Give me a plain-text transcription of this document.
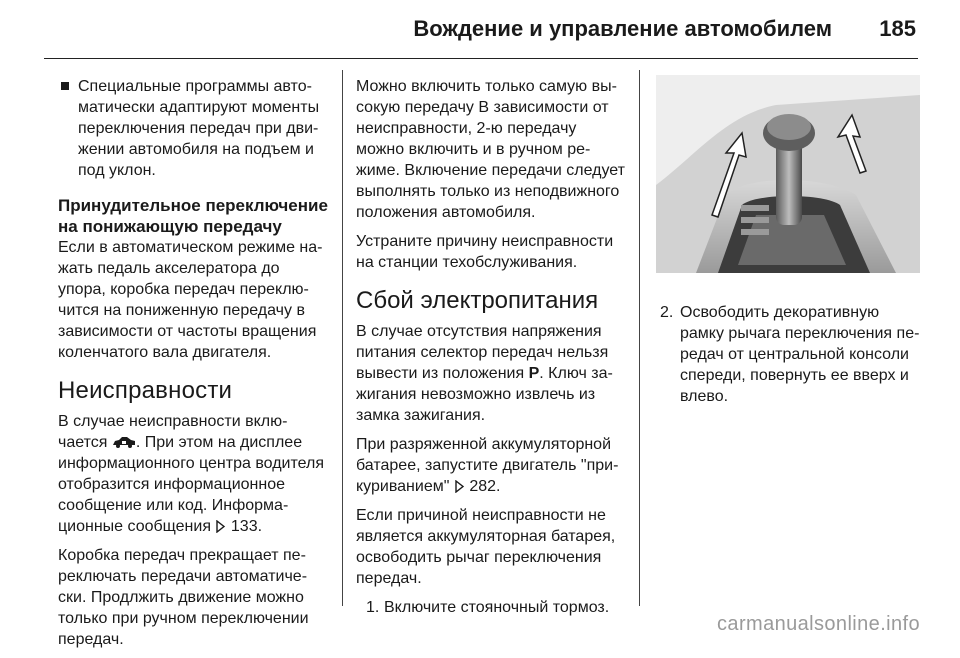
Вождение и управление автомобилем 185

Специальные программы автоматически адаптируют моменты переключения передач при движении автомобиля на подъем и под уклон.

Принудительное переключение на понижающую передачу

Если в автоматическом режиме нажать педаль акселератора до упора, коробка передач переключится на пониженную передачу в зависимости от частоты вращения коленчатого вала двигателя.

Неисправности

В случае неисправности включается . При этом на дисплее информационного центра водителя отобразится информационное сообщение или код. Информационные сообщения 133.

Коробка передач прекращает переключать передачи автоматически. Продлжить движение можно только при ручном переключении передач.

Можно включить только самую высокую передачу В зависимости от неисправности, 2-ю передачу можно включить и в ручном режиме. Включение передачи следует выполнять только из неподвижного положения автомобиля.

Устраните причину неисправности на станции техобслуживания.

Сбой электропитания

В случае отсутствия напряжения питания селектор передач нельзя вывести из положения P. Ключ зажигания невозможно извлечь из замка зажигания.

При разряженной аккумуляторной батарее, запустите двигатель "прикуриванием" 282.

Если причиной неисправности не является аккумуляторная батарея, освободить рычаг переключения передач.

1. Включите стояночный тормоз.

2. Освободить декоративную рамку рычага переключения передач от центральной консоли спереди, повернуть ее вверх и влево.

carmanualsonline.info
